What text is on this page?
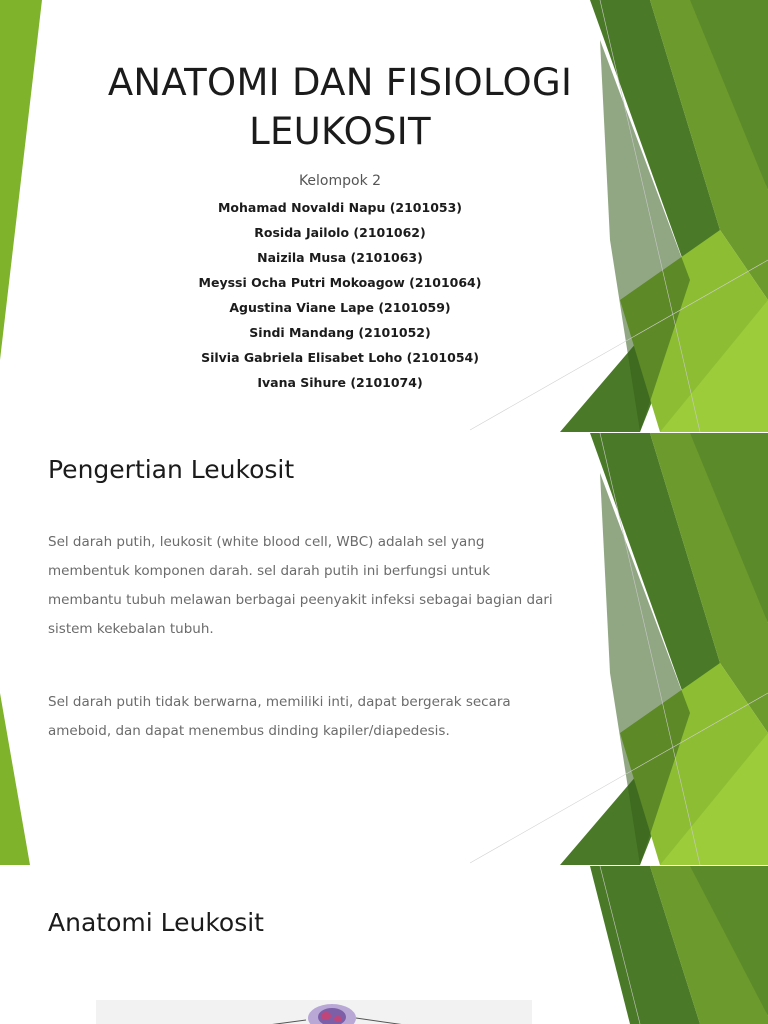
ANATOMI DAN FISIOLOGI LEUKOSIT
Kelompok 2
Mohamad Novaldi Napu (2101053)
Rosida Jailolo (2101062)
Naizila Musa (2101063)
Meyssi Ocha Putri Mokoagow (2101064)
Agustina Viane Lape (2101059)
Sindi Mandang (2101052)
Silvia Gabriela Elisabet Loho (2101054)
Ivana Sihure (2101074)
Pengertian Leukosit
Sel darah putih, leukosit (white blood cell, WBC) adalah sel yang membentuk komponen darah. sel darah putih ini berfungsi untuk membantu tubuh melawan berbagai peenyakit infeksi sebagai bagian dari sistem kekebalan tubuh.
Sel darah putih tidak berwarna, memiliki inti, dapat bergerak secara ameboid, dan dapat menembus dinding kapiler/diapedesis.
Anatomi Leukosit
